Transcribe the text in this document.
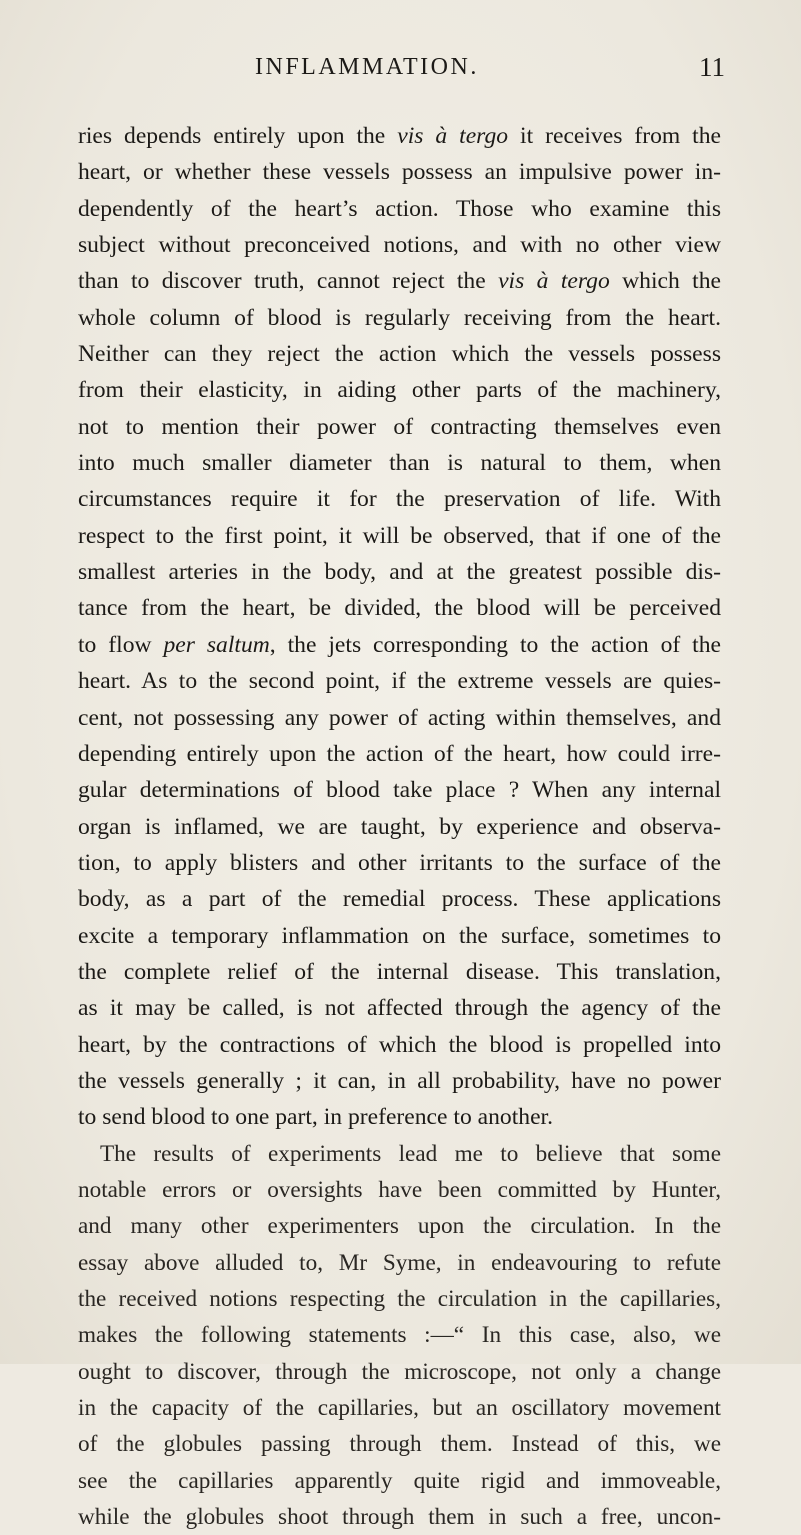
INFLAMMATION.	11
ries depends entirely upon the vis à tergo it receives from the
heart, or whether these vessels possess an impulsive power in-
dependently of the heart’s action. Those who examine this
subject without preconceived notions, and with no other view
than to discover truth, cannot reject the vis à tergo which the
whole column of blood is regularly receiving from the heart.
Neither can they reject the action which the vessels possess
from their elasticity, in aiding other parts of the machinery,
not to mention their power of contracting themselves even
into much smaller diameter than is natural to them, when
circumstances require it for the preservation of life. With
respect to the first point, it will be observed, that if one of the
smallest arteries in the body, and at the greatest possible dis-
tance from the heart, be divided, the blood will be perceived
to flow per saltum, the jets corresponding to the action of the
heart. As to the second point, if the extreme vessels are quies-
cent, not possessing any power of acting within themselves, and
depending entirely upon the action of the heart, how could irre-
gular determinations of blood take place ? When any internal
organ is inflamed, we are taught, by experience and observa-
tion, to apply blisters and other irritants to the surface of the
body, as a part of the remedial process. These applications
excite a temporary inflammation on the surface, sometimes to
the complete relief of the internal disease. This translation,
as it may be called, is not affected through the agency of the
heart, by the contractions of which the blood is propelled into
the vessels generally ; it can, in all probability, have no power
to send blood to one part, in preference to another.
The results of experiments lead me to believe that some
notable errors or oversights have been committed by Hunter,
and many other experimenters upon the circulation. In the
essay above alluded to, Mr Syme, in endeavouring to refute
the received notions respecting the circulation in the capillaries,
makes the following statements :—“ In this case, also, we
ought to discover, through the microscope, not only a change
in the capacity of the capillaries, but an oscillatory movement
of the globules passing through them. Instead of this, we
see the capillaries apparently quite rigid and immoveable,
while the globules shoot through them in such a free, uncon-
